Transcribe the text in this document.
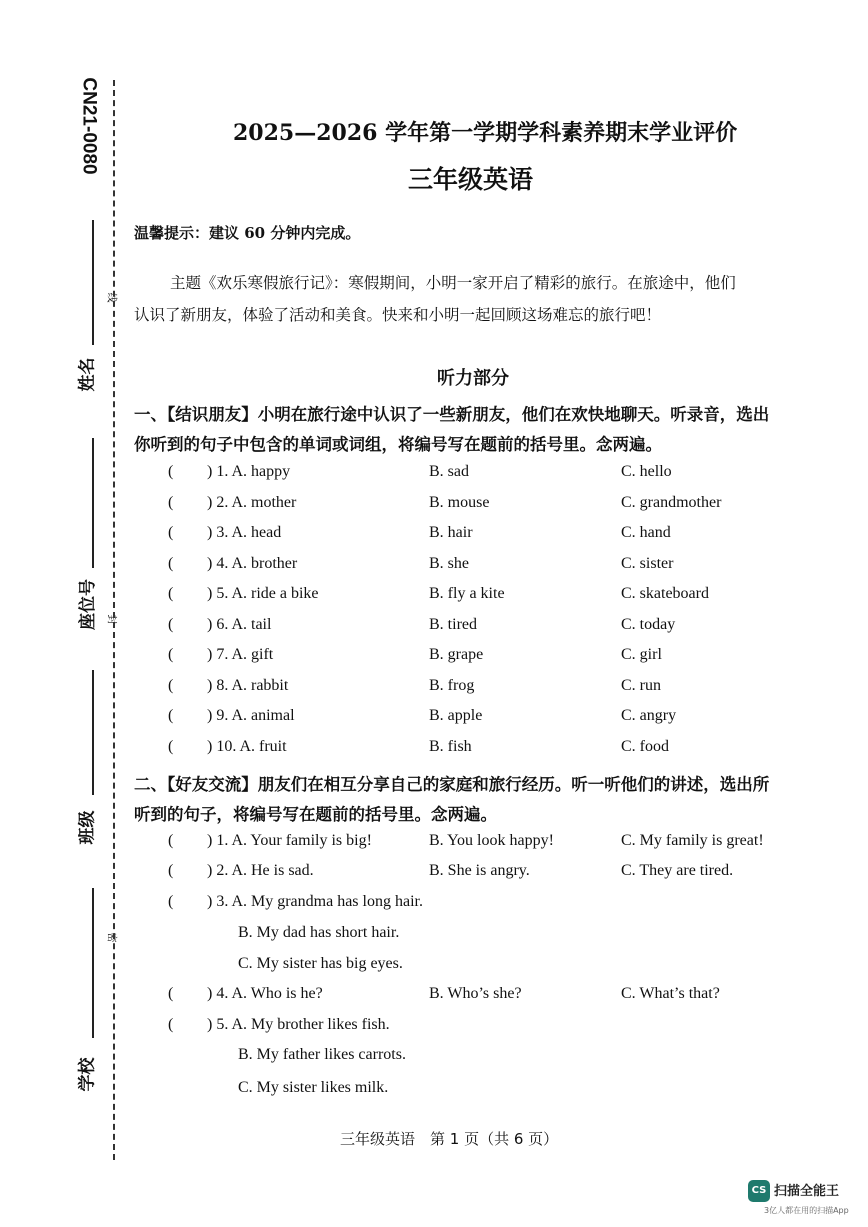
CN21-0080
姓名
线
座位号 封
班级
学校
密
2025—2026 学年第一学期学科素养期末学业评价
三年级英语
温馨提示：建议 60 分钟内完成。
主题《欢乐寒假旅行记》：寒假期间，小明一家开启了精彩的旅行。在旅途中，他们
认识了新朋友，体验了活动和美食。快来和小明一起回顾这场难忘的旅行吧！
听力部分
一、【结识朋友】小明在旅行途中认识了一些新朋友，他们在欢快地聊天。听录音，选出
你听到的句子中包含的单词或词组，将编号写在题前的括号里。念两遍。
( ) 1. A. happy	B. sad	C. hello
( ) 2. A. mother	B. mouse	C. grandmother
( ) 3. A. head	B. hair	C. hand
( ) 4. A. brother	B. she	C. sister
( ) 5. A. ride a bike	B. fly a kite	C. skateboard
( ) 6. A. tail	B. tired	C. today
( ) 7. A. gift	B. grape	C. girl
( ) 8. A. rabbit	B. frog	C. run
( ) 9. A. animal	B. apple	C. angry
( ) 10. A. fruit	B. fish	C. food
二、【好友交流】朋友们在相互分享自己的家庭和旅行经历。听一听他们的讲述，选出所
听到的句子，将编号写在题前的括号里。念两遍。
( ) 1. A. Your family is big!	B. You look happy!	C. My family is great!
( ) 2. A. He is sad.	B. She is angry.	C. They are tired.
( ) 3. A. My grandma has long hair.
B. My dad has short hair.
C. My sister has big eyes.
( ) 4. A. Who is he?	B. Who’s she?	C. What’s that?
( ) 5. A. My brother likes fish.
B. My father likes carrots.
C. My sister likes milk.
三年级英语　第 1 页（共 6 页）
CS 扫描全能王
3亿人都在用的扫描App
